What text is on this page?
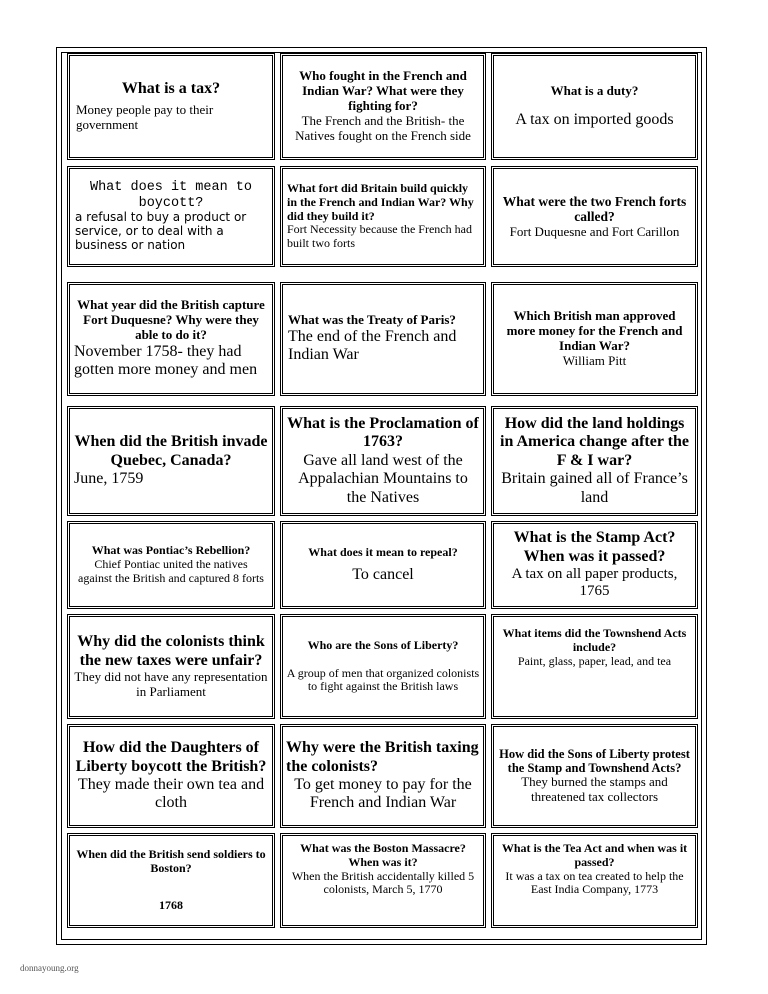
What is a tax?
Money people pay to their government
Who fought in the French and Indian War? What were they fighting for?
The French and the British- the Natives fought on the French side
What is a duty?
A tax on imported goods
What does it mean to boycott?
a refusal to buy a product or service, or to deal with a business or nation
What fort did Britain build quickly in the French and Indian War? Why did they build it?
Fort Necessity because the French had built two forts
What were the two French forts called?
Fort Duquesne and Fort Carillon
What year did the British capture Fort Duquesne? Why were they able to do it?
November 1758- they had gotten more money and men
What was the Treaty of Paris?
The end of the French and Indian War
Which British man approved more money for the French and Indian War?
William Pitt
When did the British invade Quebec, Canada?
June, 1759
What is the Proclamation of 1763?
Gave all land west of the Appalachian Mountains to the Natives
How did the land holdings in America change after the F & I war?
Britain gained all of France’s land
What was Pontiac’s Rebellion?
Chief Pontiac united the natives against the British and captured 8 forts
What does it mean to repeal?
To cancel
What is the Stamp Act? When was it passed?
A tax on all paper products, 1765
Why did the colonists think the new taxes were unfair?
They did not have any representation in Parliament
Who are the Sons of Liberty?
A group of men that organized colonists to fight against the British laws
What items did the Townshend Acts include?
Paint, glass, paper, lead, and tea
How did the Daughters of Liberty boycott the British?
They made their own tea and cloth
Why were the British taxing the colonists?
To get money to pay for the French and Indian War
How did the Sons of Liberty protest the Stamp and Townshend Acts?
They burned the stamps and threatened tax collectors
When did the British send soldiers to Boston?
1768
What was the Boston Massacre? When was it?
When the British accidentally killed 5 colonists, March 5, 1770
What is the Tea Act and when was it passed?
It was a tax on tea created to help the East India Company, 1773
donnayoung.org
